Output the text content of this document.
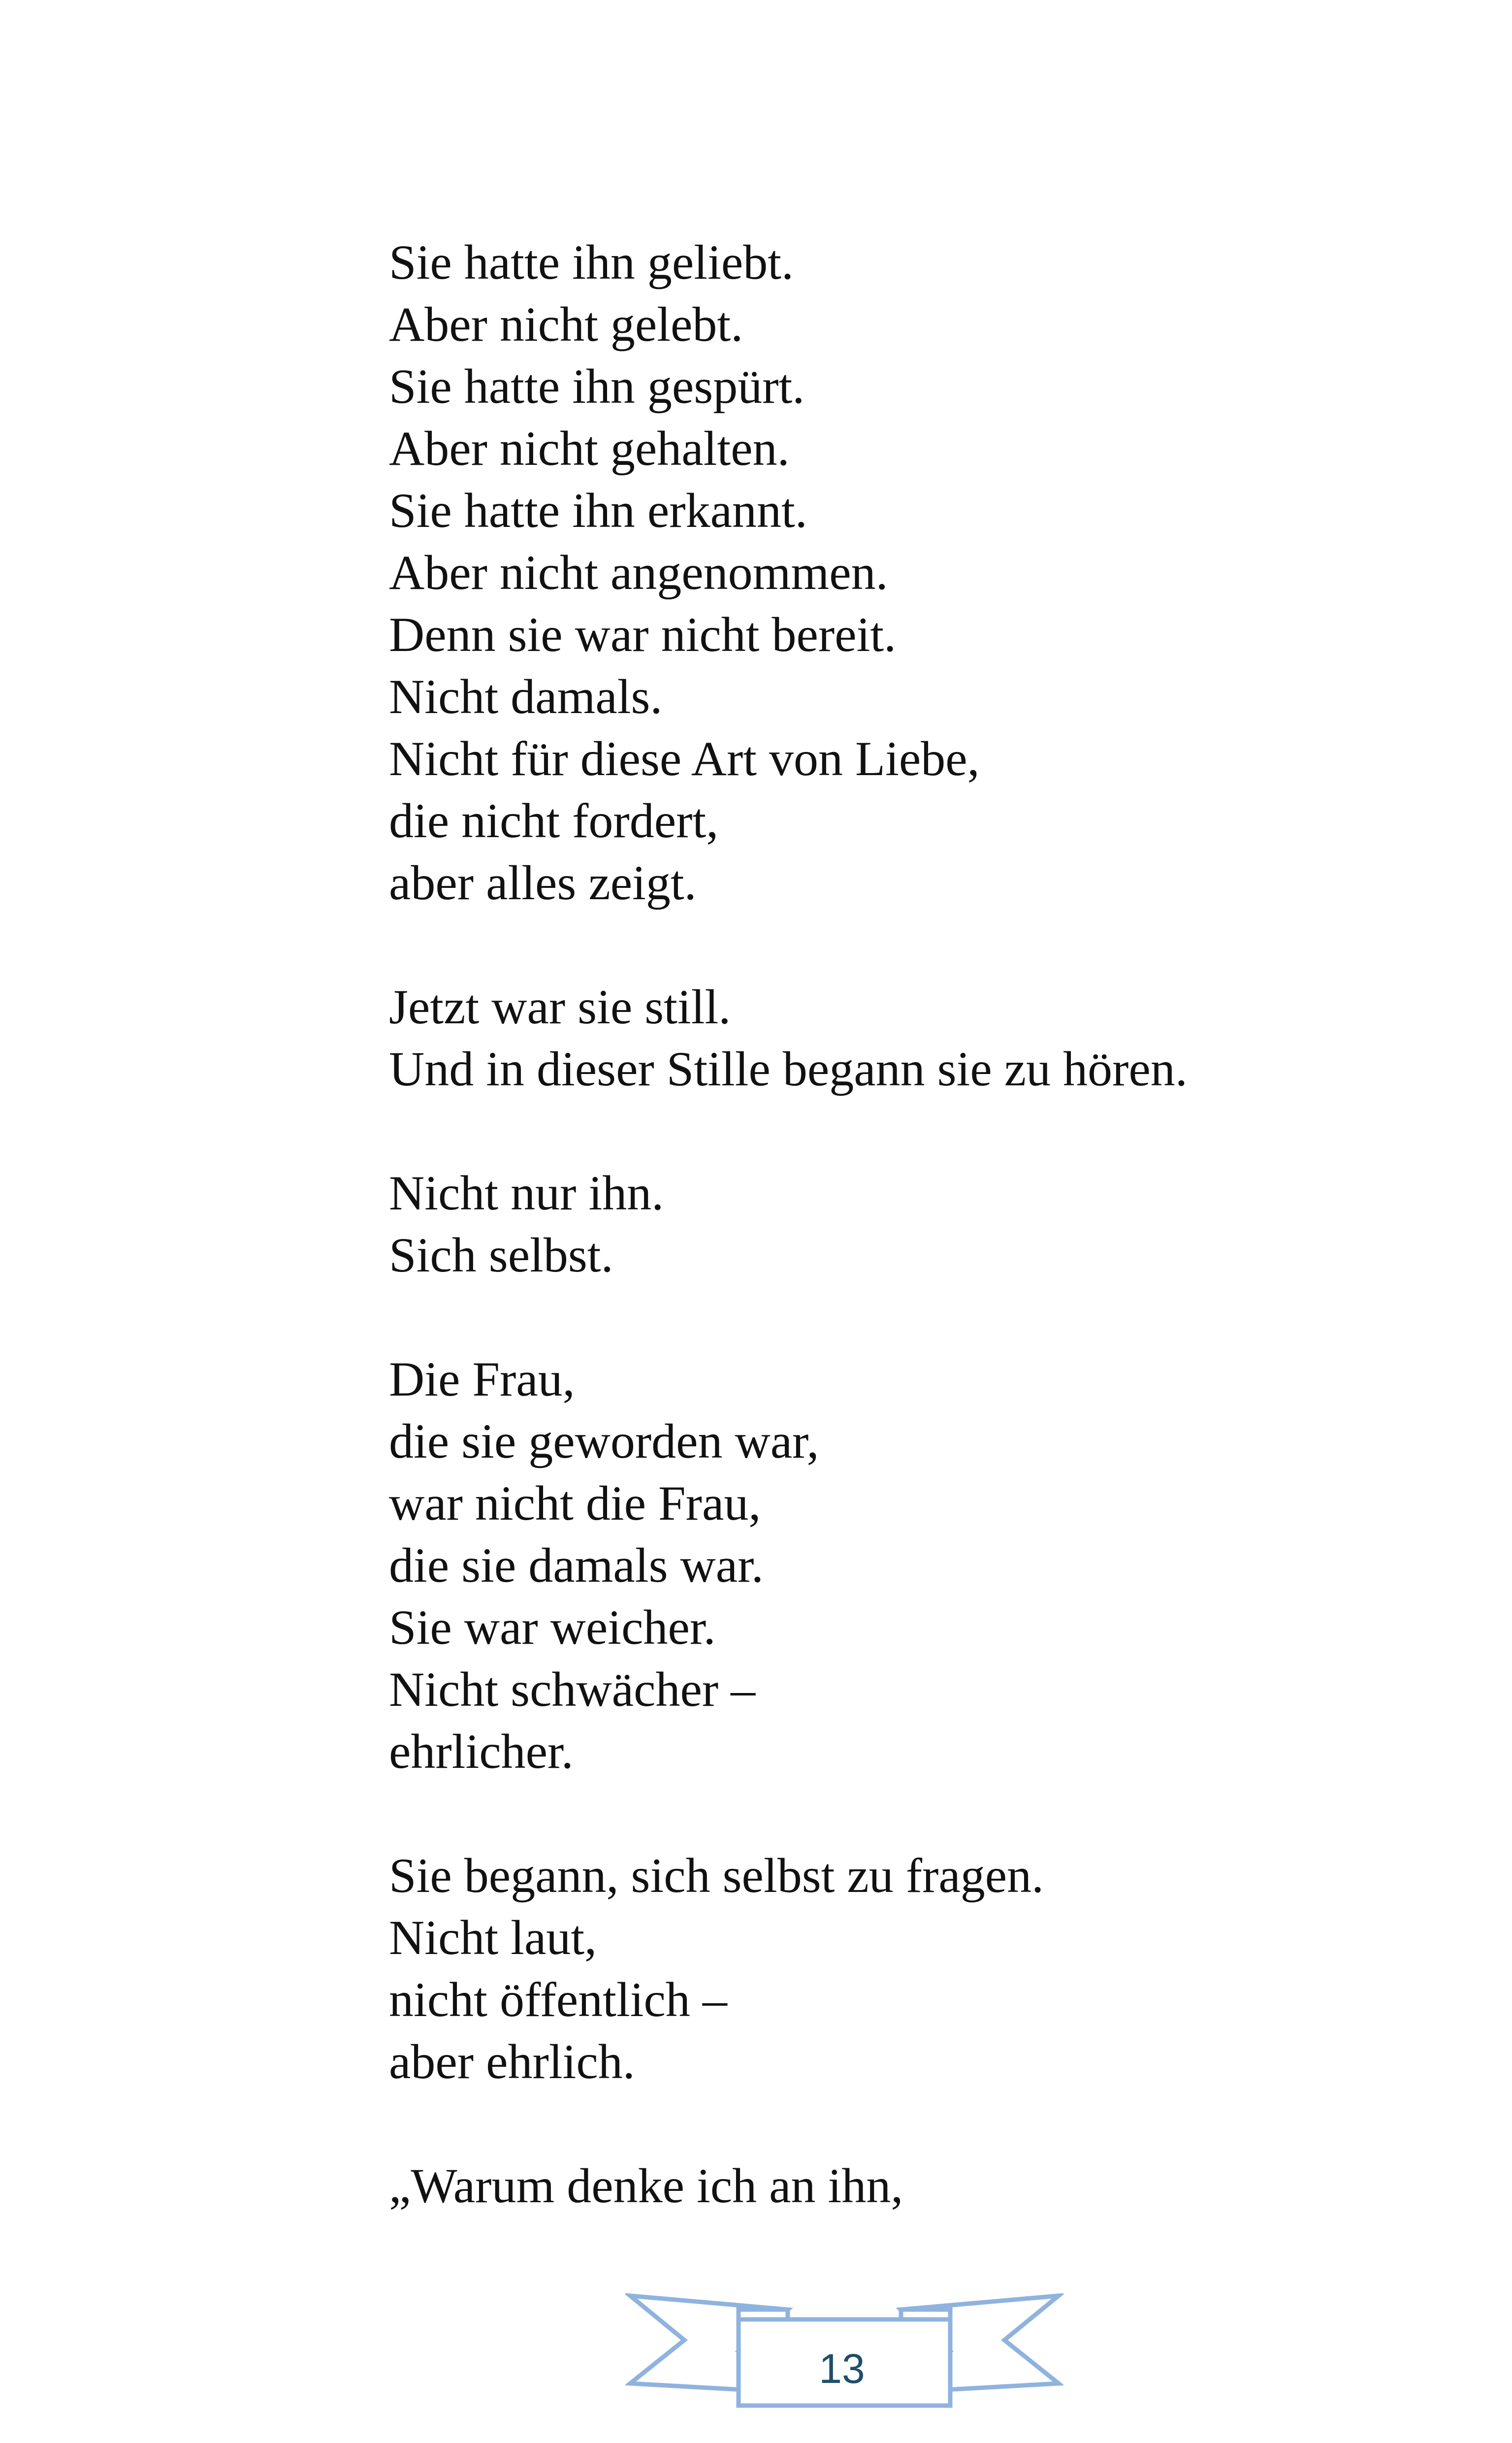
Sie hatte ihn geliebt.
Aber nicht gelebt.
Sie hatte ihn gespürt.
Aber nicht gehalten.
Sie hatte ihn erkannt.
Aber nicht angenommen.
Denn sie war nicht bereit.
Nicht damals.
Nicht für diese Art von Liebe,
die nicht fordert,
aber alles zeigt.
Jetzt war sie still.
Und in dieser Stille begann sie zu hören.
Nicht nur ihn.
Sich selbst.
Die Frau,
die sie geworden war,
war nicht die Frau,
die sie damals war.
Sie war weicher.
Nicht schwächer –
ehrlicher.
Sie begann, sich selbst zu fragen.
Nicht laut,
nicht öffentlich –
aber ehrlich.
„Warum denke ich an ihn,
13
